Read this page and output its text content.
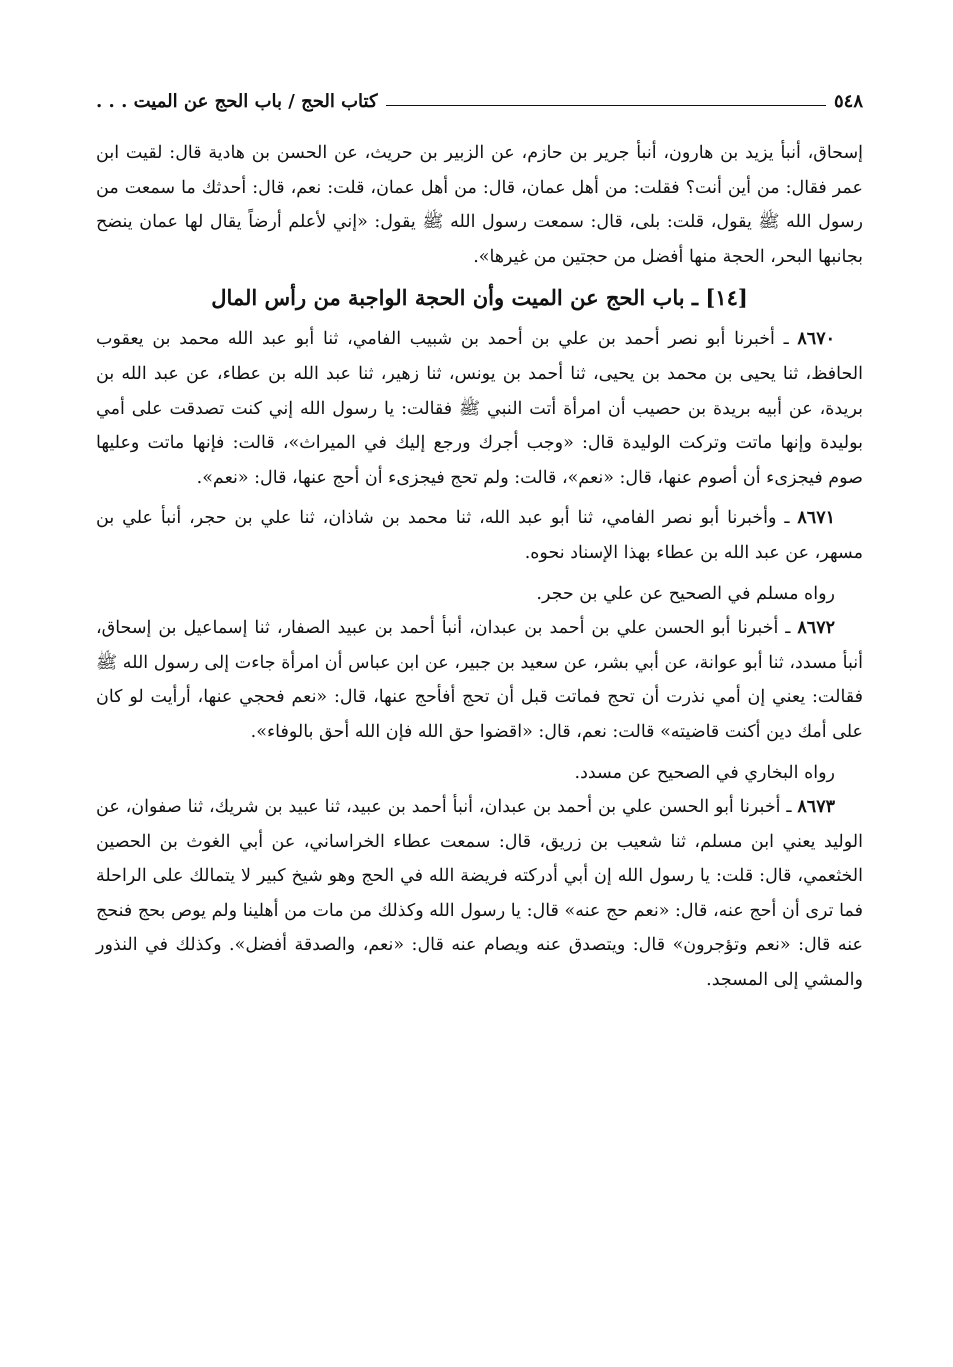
٥٤٨
كتاب الحج / باب الحج عن الميت . . .

إسحاق، أنبأ يزيد بن هارون، أنبأ جرير بن حازم، عن الزبير بن حريث، عن الحسن بن هادية قال: لقيت ابن عمر فقال: من أين أنت؟ فقلت: من أهل عمان، قال: من أهل عمان، قلت: نعم، قال: أحدثك ما سمعت من رسول الله ﷺ يقول، قلت: بلى، قال: سمعت رسول الله ﷺ يقول: «إني لأعلم أرضاً يقال لها عمان ينضح بجانبها البحر، الحجة منها أفضل من حجتين من غيرها».

[١٤] ـ باب الحج عن الميت وأن الحجة الواجبة من رأس المال

٨٦٧٠ ـ أخبرنا أبو نصر أحمد بن علي بن أحمد بن شبيب الفامي، ثنا أبو عبد الله محمد بن يعقوب الحافظ، ثنا يحيى بن محمد بن يحيى، ثنا أحمد بن يونس، ثنا زهير، ثنا عبد الله بن عطاء، عن عبد الله بن بريدة، عن أبيه بريدة بن حصيب أن امرأة أتت النبي ﷺ فقالت: يا رسول الله إني كنت تصدقت على أمي بوليدة وإنها ماتت وتركت الوليدة قال: «وجب أجرك ورجع إليك في الميراث»، قالت: فإنها ماتت وعليها صوم فيجزىء أن أصوم عنها، قال: «نعم»، قالت: ولم تحج فيجزىء أن أحج عنها، قال: «نعم».

٨٦٧١ ـ وأخبرنا أبو نصر الفامي، ثنا أبو عبد الله، ثنا محمد بن شاذان، ثنا علي بن حجر، أنبأ علي بن مسهر، عن عبد الله بن عطاء بهذا الإسناد نحوه.

رواه مسلم في الصحيح عن علي بن حجر.

٨٦٧٢ ـ أخبرنا أبو الحسن علي بن أحمد بن عبدان، أنبأ أحمد بن عبيد الصفار، ثنا إسماعيل بن إسحاق، أنبأ مسدد، ثنا أبو عوانة، عن أبي بشر، عن سعيد بن جبير، عن ابن عباس أن امرأة جاءت إلى رسول الله ﷺ فقالت: يعني إن أمي نذرت أن تحج فماتت قبل أن تحج أفأحج عنها، قال: «نعم فحجي عنها، أرأيت لو كان على أمك دين أكنت قاضيته» قالت: نعم، قال: «اقضوا حق الله فإن الله أحق بالوفاء».

رواه البخاري في الصحيح عن مسدد.

٨٦٧٣ ـ أخبرنا أبو الحسن علي بن أحمد بن عبدان، أنبأ أحمد بن عبيد، ثنا عبيد بن شريك، ثنا صفوان، عن الوليد يعني ابن مسلم، ثنا شعيب بن زريق، قال: سمعت عطاء الخراساني، عن أبي الغوث بن الحصين الخثعمي، قال: قلت: يا رسول الله إن أبي أدركته فريضة الله في الحج وهو شيخ كبير لا يتمالك على الراحلة فما ترى أن أحج عنه، قال: «نعم حج عنه» قال: يا رسول الله وكذلك من مات من أهلينا ولم يوص بحج فنحج عنه قال: «نعم وتؤجرون» قال: ويتصدق عنه ويصام عنه قال: «نعم، والصدقة أفضل». وكذلك في النذور والمشي إلى المسجد.
